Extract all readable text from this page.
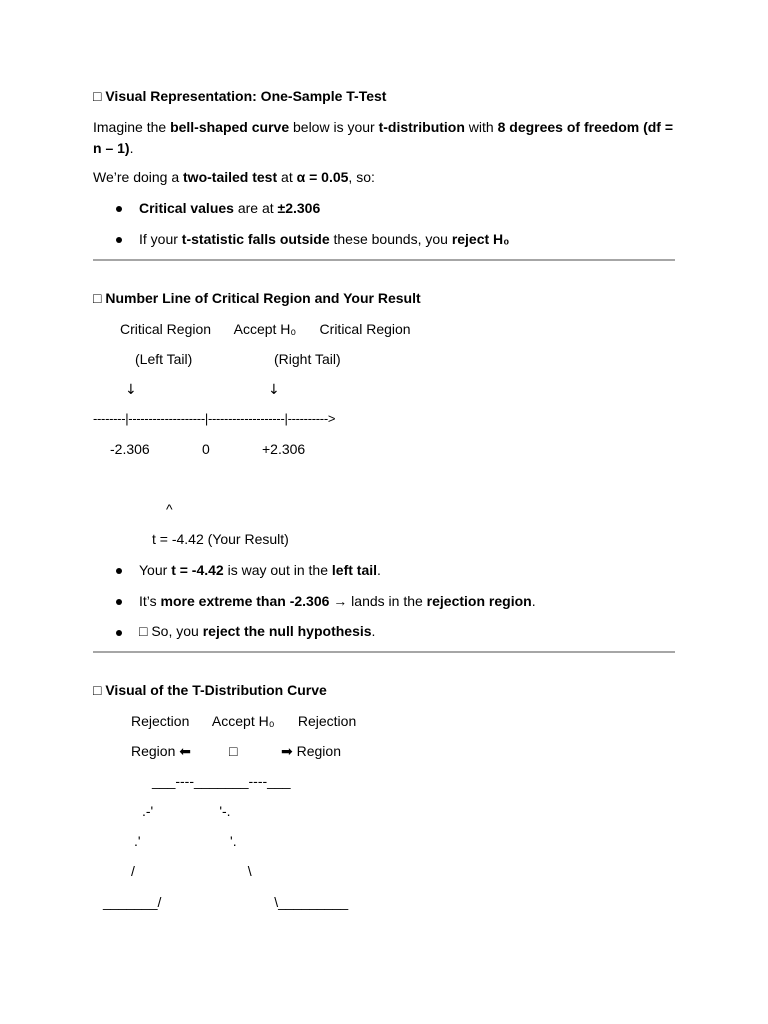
□ Visual Representation: One-Sample T-Test
Imagine the bell-shaped curve below is your t-distribution with 8 degrees of freedom (df =
n – 1).
We’re doing a two-tailed test at α = 0.05, so:
Critical values are at ±2.306
If your t-statistic falls outside these bounds, you reject H₀
□ Number Line of Critical Region and Your Result
Critical Region      Accept H₀      Critical Region
(Left Tail)                     (Right Tail)
↓	↓
--------|-------------------|-------------------|---------->
-2.306	0	+2.306
^
t = -4.42 (Your Result)
Your t = -4.42 is way out in the left tail.
It’s more extreme than -2.306 → lands in the rejection region.
□ So, you reject the null hypothesis.
□ Visual of the T-Distribution Curve
Rejection      Accept H₀      Rejection
Region ⬅	□	➡ Region
___----_______----___
.-'                 '-.
.'                       '.
/                             \
_______/                             \_________
